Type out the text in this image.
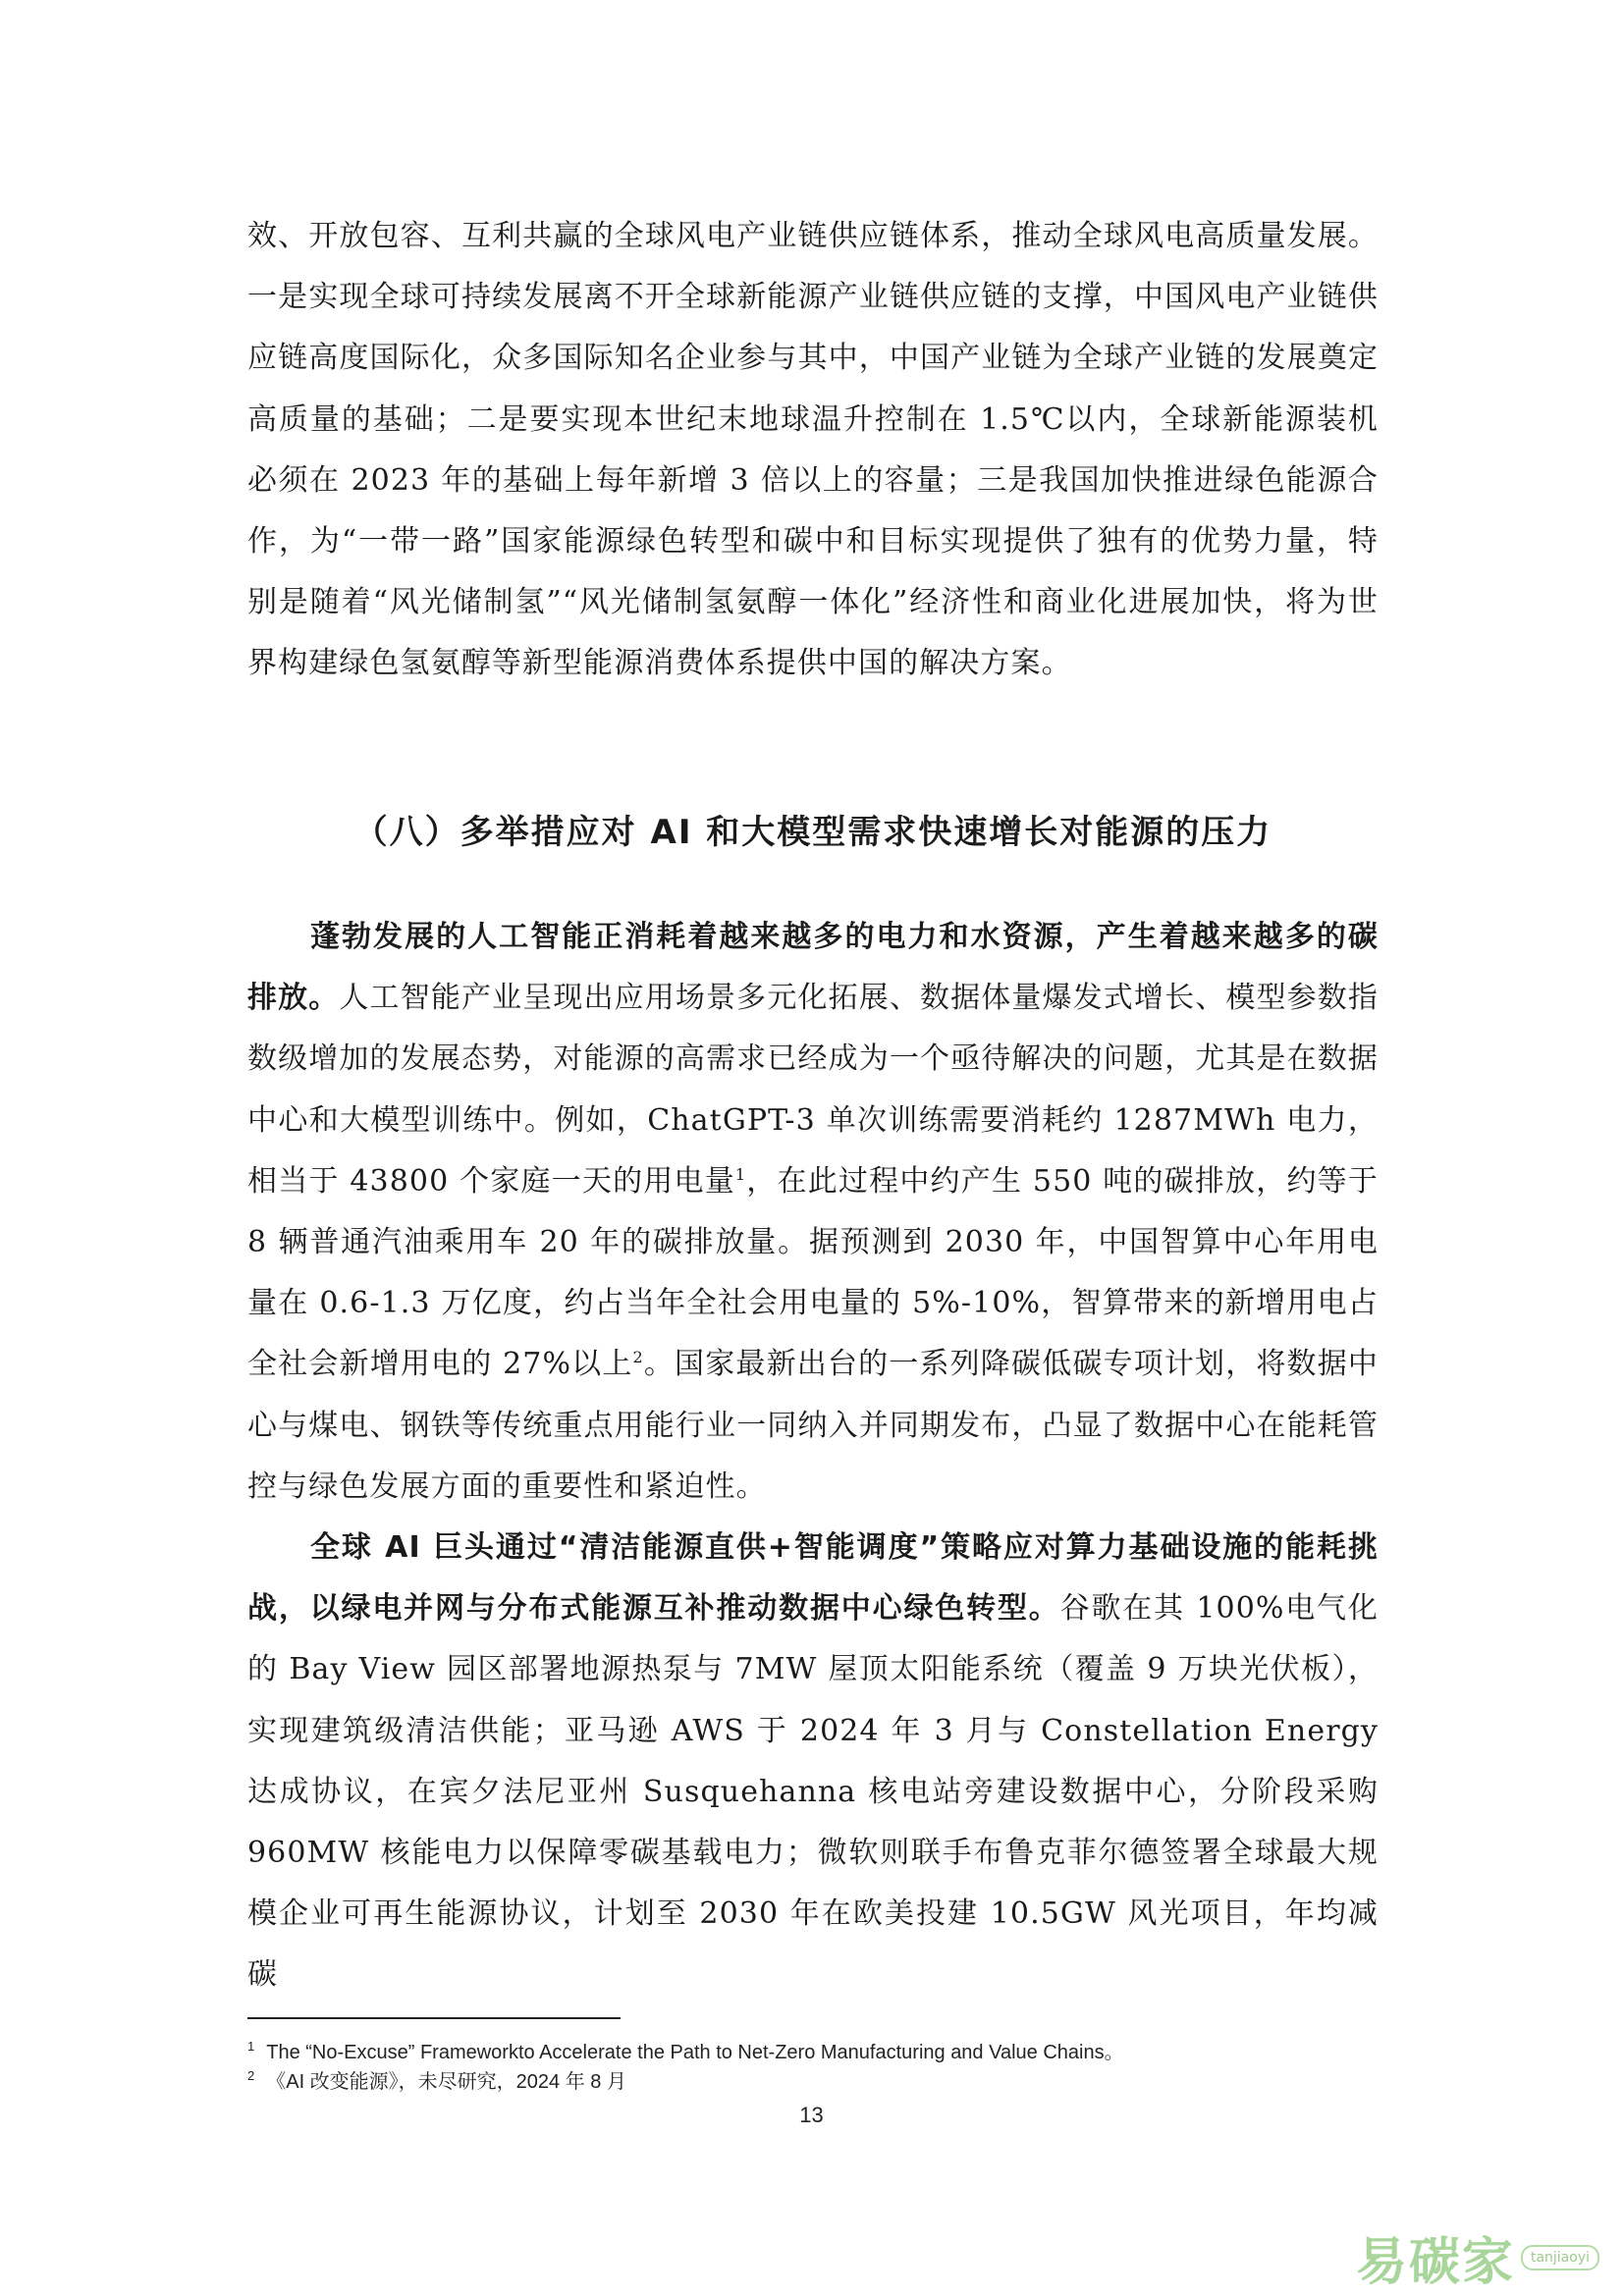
效、开放包容、互利共赢的全球风电产业链供应链体系，推动全球风电高质量发展。一是实现全球可持续发展离不开全球新能源产业链供应链的支撑，中国风电产业链供应链高度国际化，众多国际知名企业参与其中，中国产业链为全球产业链的发展奠定高质量的基础；二是要实现本世纪末地球温升控制在 1.5℃以内，全球新能源装机必须在 2023 年的基础上每年新增 3 倍以上的容量；三是我国加快推进绿色能源合作，为“一带一路”国家能源绿色转型和碳中和目标实现提供了独有的优势力量，特别是随着“风光储制氢”“风光储制氢氨醇一体化”经济性和商业化进展加快，将为世界构建绿色氢氨醇等新型能源消费体系提供中国的解决方案。

（八）多举措应对 AI 和大模型需求快速增长对能源的压力

蓬勃发展的人工智能正消耗着越来越多的电力和水资源，产生着越来越多的碳排放。人工智能产业呈现出应用场景多元化拓展、数据体量爆发式增长、模型参数指数级增加的发展态势，对能源的高需求已经成为一个亟待解决的问题，尤其是在数据中心和大模型训练中。例如，ChatGPT-3 单次训练需要消耗约 1287MWh 电力，相当于 43800 个家庭一天的用电量$^1$，在此过程中约产生 550 吨的碳排放，约等于 8 辆普通汽油乘用车 20 年的碳排放量。据预测到 2030 年，中国智算中心年用电量在 0.6-1.3 万亿度，约占当年全社会用电量的 5%-10%，智算带来的新增用电占全社会新增用电的 27%以上$^2$。国家最新出台的一系列降碳低碳专项计划，将数据中心与煤电、钢铁等传统重点用能行业一同纳入并同期发布，凸显了数据中心在能耗管控与绿色发展方面的重要性和紧迫性。

全球 AI 巨头通过“清洁能源直供+智能调度”策略应对算力基础设施的能耗挑战，以绿电并网与分布式能源互补推动数据中心绿色转型。谷歌在其 100%电气化的 Bay View 园区部署地源热泵与 7MW 屋顶太阳能系统（覆盖 9 万块光伏板），实现建筑级清洁供能；亚马逊 AWS 于 2024 年 3 月与 Constellation Energy 达成协议，在宾夕法尼亚州 Susquehanna 核电站旁建设数据中心，分阶段采购 960MW 核能电力以保障零碳基载电力；微软则联手布鲁克菲尔德签署全球最大规模企业可再生能源协议，计划至 2030 年在欧美投建 10.5GW 风光项目，年均减碳

$^1$ The “No-Excuse” Frameworkto Accelerate the Path to Net-Zero Manufacturing and Value Chains。
$^2$ 《AI 改变能源》，未尽研究，2024 年 8 月
13
易碳家	tanjiaoyi
